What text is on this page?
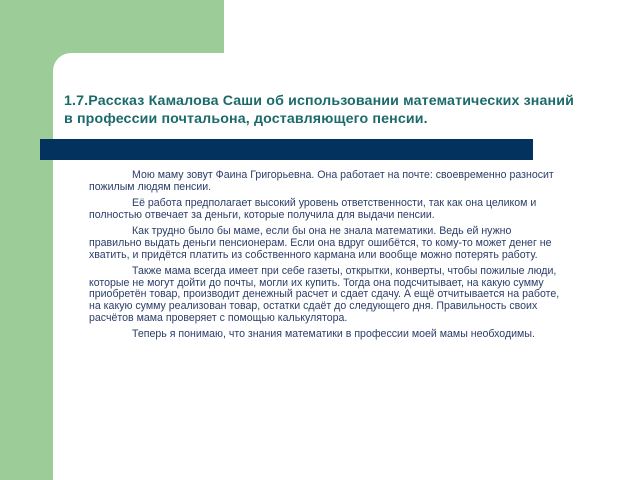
1.7.Рассказ Камалова Саши об использовании математических знаний в профессии почтальона, доставляющего пенсии.

Мою маму зовут Фаина Григорьевна. Она работает на почте: своевременно разносит пожилым людям пенсии.

Её работа предполагает высокий уровень ответственности, так как она целиком и полностью отвечает за деньги, которые получила для выдачи пенсии.

Как трудно было бы маме, если бы она не знала математики. Ведь ей нужно правильно выдать деньги пенсионерам. Если она вдруг ошибётся, то кому-то может денег не хватить, и придётся платить из собственного кармана или вообще можно потерять работу.

Также мама всегда имеет при себе газеты, открытки, конверты, чтобы пожилые люди, которые не могут дойти до почты, могли их купить. Тогда она подсчитывает, на какую сумму приобретён товар, производит денежный расчет и сдает сдачу. А ещё отчитывается на работе, на какую сумму реализован товар, остатки сдаёт до следующего дня. Правильность своих расчётов мама проверяет с помощью калькулятора.

Теперь я понимаю, что знания математики в профессии моей мамы необходимы.
